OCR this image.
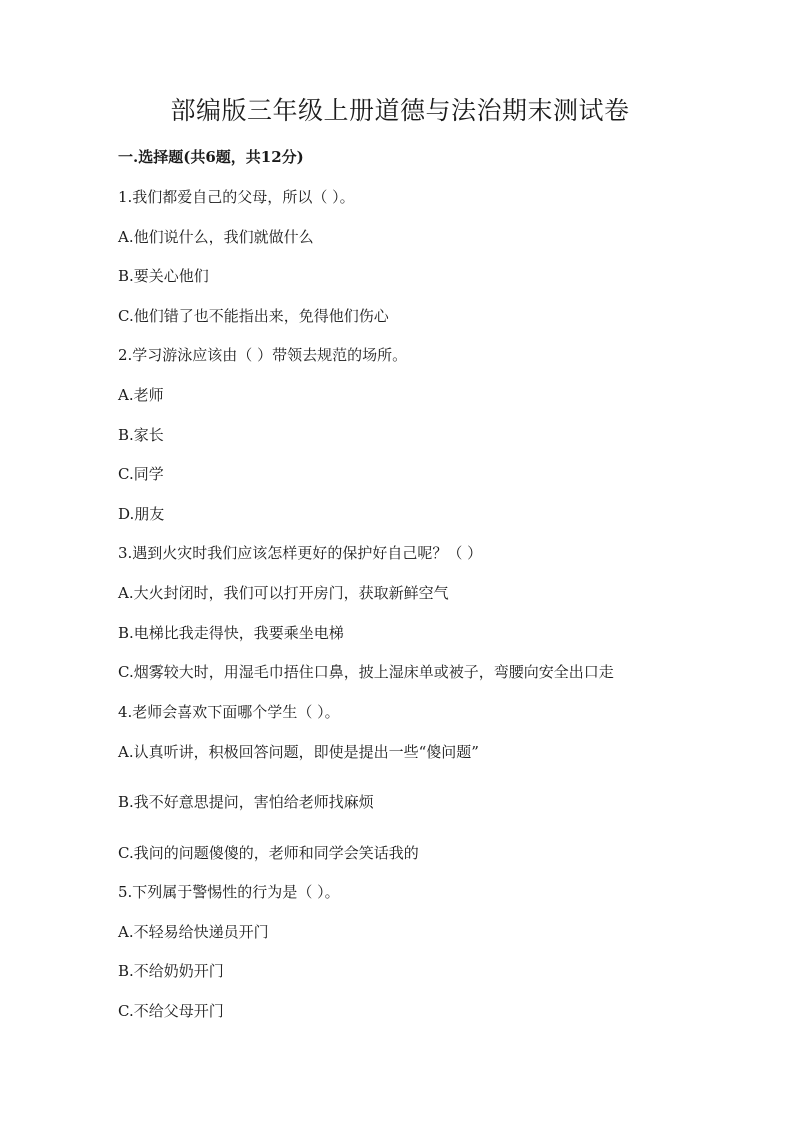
部编版三年级上册道德与法治期末测试卷
一.选择题(共6题，共12分)
1.我们都爱自己的父母，所以（ ）。
A.他们说什么，我们就做什么
B.要关心他们
C.他们错了也不能指出来，免得他们伤心
2.学习游泳应该由（ ）带领去规范的场所。
A.老师
B.家长
C.同学
D.朋友
3.遇到火灾时我们应该怎样更好的保护好自己呢？（ ）
A.大火封闭时，我们可以打开房门，获取新鲜空气
B.电梯比我走得快，我要乘坐电梯
C.烟雾较大时，用湿毛巾捂住口鼻，披上湿床单或被子，弯腰向安全出口走
4.老师会喜欢下面哪个学生（ ）。
A.认真听讲，积极回答问题，即使是提出一些“傻问题”
B.我不好意思提问，害怕给老师找麻烦
C.我问的问题傻傻的，老师和同学会笑话我的
5.下列属于警惕性的行为是（ ）。
A.不轻易给快递员开门
B.不给奶奶开门
C.不给父母开门
